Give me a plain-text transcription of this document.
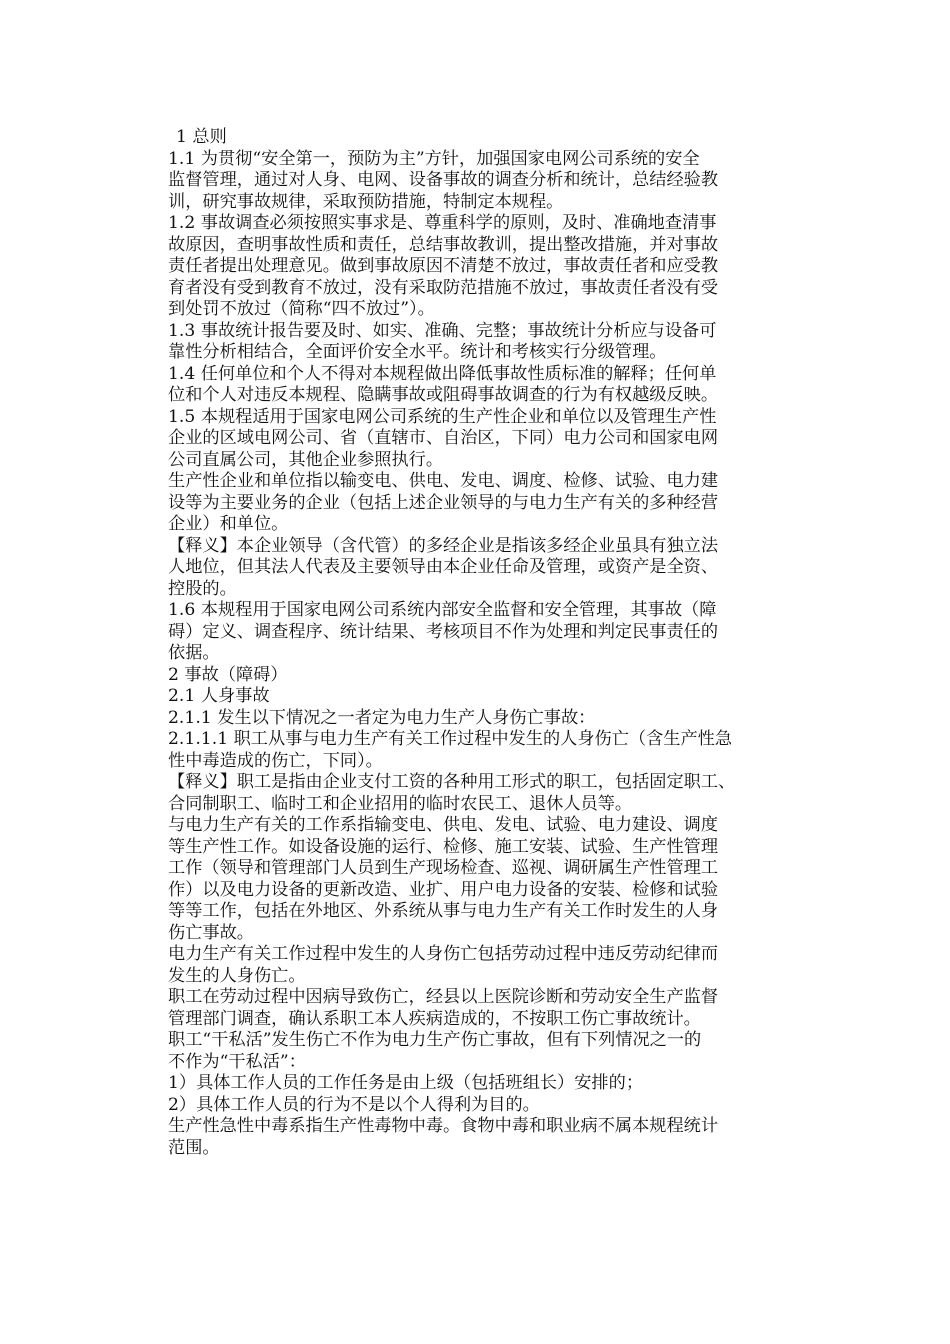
1 总则

1.1 为贯彻“安全第一，预防为主”方针，加强国家电网公司系统的安全
监督管理，通过对人身、电网、设备事故的调查分析和统计，总结经验教
训，研究事故规律，采取预防措施，特制定本规程。

1.2 事故调查必须按照实事求是、尊重科学的原则，及时、准确地查清事
故原因，查明事故性质和责任，总结事故教训，提出整改措施，并对事故
责任者提出处理意见。做到事故原因不清楚不放过，事故责任者和应受教
育者没有受到教育不放过，没有采取防范措施不放过，事故责任者没有受
到处罚不放过（简称“四不放过”）。

1.3 事故统计报告要及时、如实、准确、完整；事故统计分析应与设备可
靠性分析相结合，全面评价安全水平。统计和考核实行分级管理。

1.4 任何单位和个人不得对本规程做出降低事故性质标准的解释；任何单
位和个人对违反本规程、隐瞒事故或阻碍事故调查的行为有权越级反映。

1.5 本规程适用于国家电网公司系统的生产性企业和单位以及管理生产性
企业的区域电网公司、省（直辖市、自治区，下同）电力公司和国家电网
公司直属公司，其他企业参照执行。

生产性企业和单位指以输变电、供电、发电、调度、检修、试验、电力建
设等为主要业务的企业（包括上述企业领导的与电力生产有关的多种经营
企业）和单位。

【释义】本企业领导（含代管）的多经企业是指该多经企业虽具有独立法
人地位，但其法人代表及主要领导由本企业任命及管理，或资产是全资、
控股的。

1.6 本规程用于国家电网公司系统内部安全监督和安全管理，其事故（障
碍）定义、调查程序、统计结果、考核项目不作为处理和判定民事责任的
依据。

2 事故（障碍）

2.1 人身事故

2.1.1 发生以下情况之一者定为电力生产人身伤亡事故：

2.1.1.1 职工从事与电力生产有关工作过程中发生的人身伤亡（含生产性急
性中毒造成的伤亡，下同）。

【释义】职工是指由企业支付工资的各种用工形式的职工，包括固定职工、
合同制职工、临时工和企业招用的临时农民工、退休人员等。

与电力生产有关的工作系指输变电、供电、发电、试验、电力建设、调度
等生产性工作。如设备设施的运行、检修、施工安装、试验、生产性管理
工作（领导和管理部门人员到生产现场检查、巡视、调研属生产性管理工
作）以及电力设备的更新改造、业扩、用户电力设备的安装、检修和试验
等等工作，包括在外地区、外系统从事与电力生产有关工作时发生的人身
伤亡事故。

电力生产有关工作过程中发生的人身伤亡包括劳动过程中违反劳动纪律而
发生的人身伤亡。

职工在劳动过程中因病导致伤亡，经县以上医院诊断和劳动安全生产监督
管理部门调查，确认系职工本人疾病造成的，不按职工伤亡事故统计。

职工“干私活”发生伤亡不作为电力生产伤亡事故，但有下列情况之一的
不作为“干私活”：

1）具体工作人员的工作任务是由上级（包括班组长）安排的；

2）具体工作人员的行为不是以个人得利为目的。

生产性急性中毒系指生产性毒物中毒。食物中毒和职业病不属本规程统计
范围。
